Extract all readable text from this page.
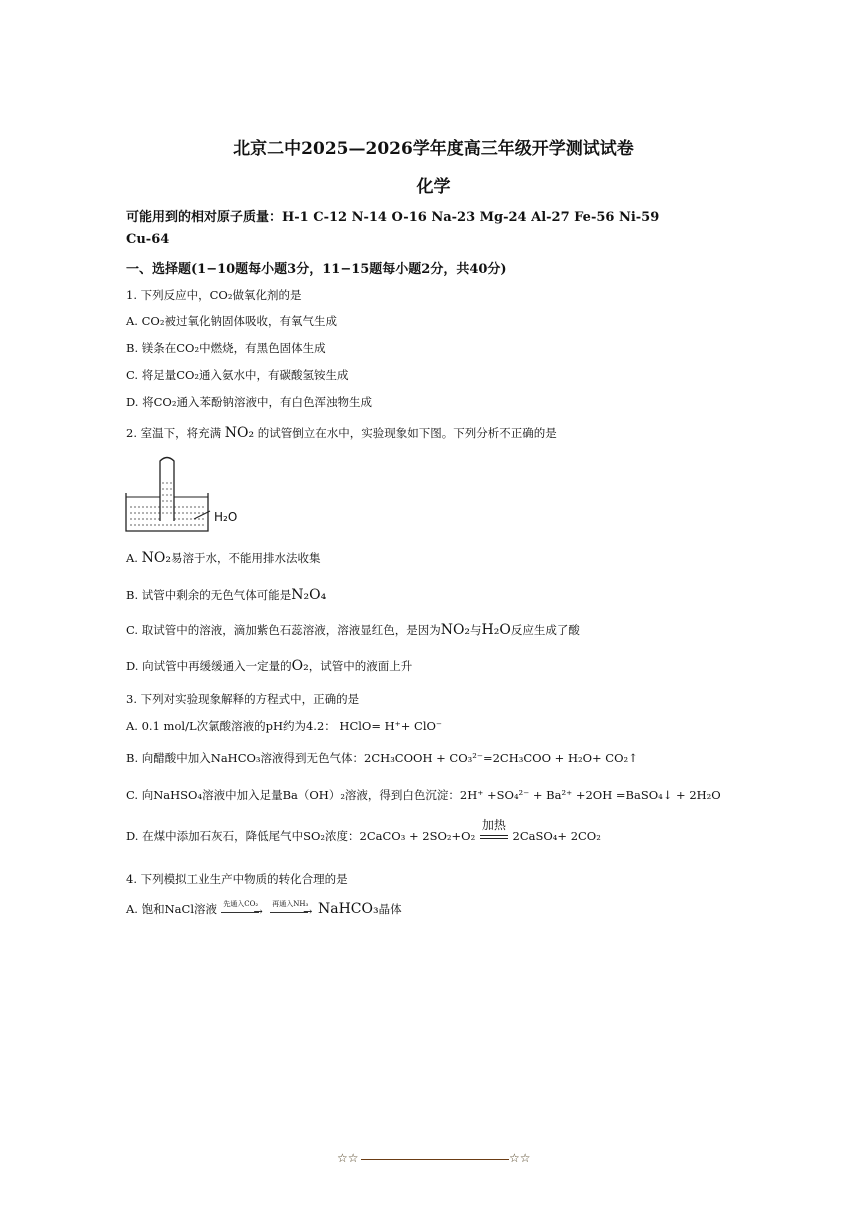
北京二中2025—2026学年度高三年级开学测试试卷
化学
可能用到的相对原子质量：H-1 C-12 N-14 O-16 Na-23 Mg-24 Al-27 Fe-56 Ni-59
Cu-64
一、选择题(1−10题每小题3分，11−15题每小题2分，共40分)
1. 下列反应中，CO₂做氧化剂的是
A. CO₂被过氧化钠固体吸收，有氧气生成
B. 镁条在CO₂中燃烧，有黑色固体生成
C. 将足量CO₂通入氨水中，有碳酸氢铵生成
D. 将CO₂通入苯酚钠溶液中，有白色浑浊物生成
2. 室温下，将充满 NO₂ 的试管倒立在水中，实验现象如下图。下列分析不正确的是
H₂O
A. NO₂易溶于水，不能用排水法收集
B. 试管中剩余的无色气体可能是N₂O₄
C. 取试管中的溶液，滴加紫色石蕊溶液，溶液显红色，是因为NO₂与H₂O反应生成了酸
D. 向试管中再缓缓通入一定量的O₂，试管中的液面上升
3. 下列对实验现象解释的方程式中，正确的是
A. 0.1 mol/L次氯酸溶液的pH约为4.2： HClO= H⁺+ ClO⁻
B. 向醋酸中加入NaHCO₃溶液得到无色气体：2CH₃COOH + CO₃²⁻=2CH₃COO + H₂O+ CO₂↑
C. 向NaHSO₄溶液中加入足量Ba（OH）₂溶液，得到白色沉淀：2H⁺ +SO₄²⁻ + Ba²⁺ +2OH =BaSO₄↓ + 2H₂O
D. 在煤中添加石灰石，降低尾气中SO₂浓度：2CaCO₃ + 2SO₂+O₂
加热
2CaSO₄+ 2CO₂
4. 下列模拟工业生产中物质的转化合理的是
A. 饱和NaCl溶液 先通入CO₂
→

再通入NH₃
→ NaHCO₃晶体
☆☆	☆☆
